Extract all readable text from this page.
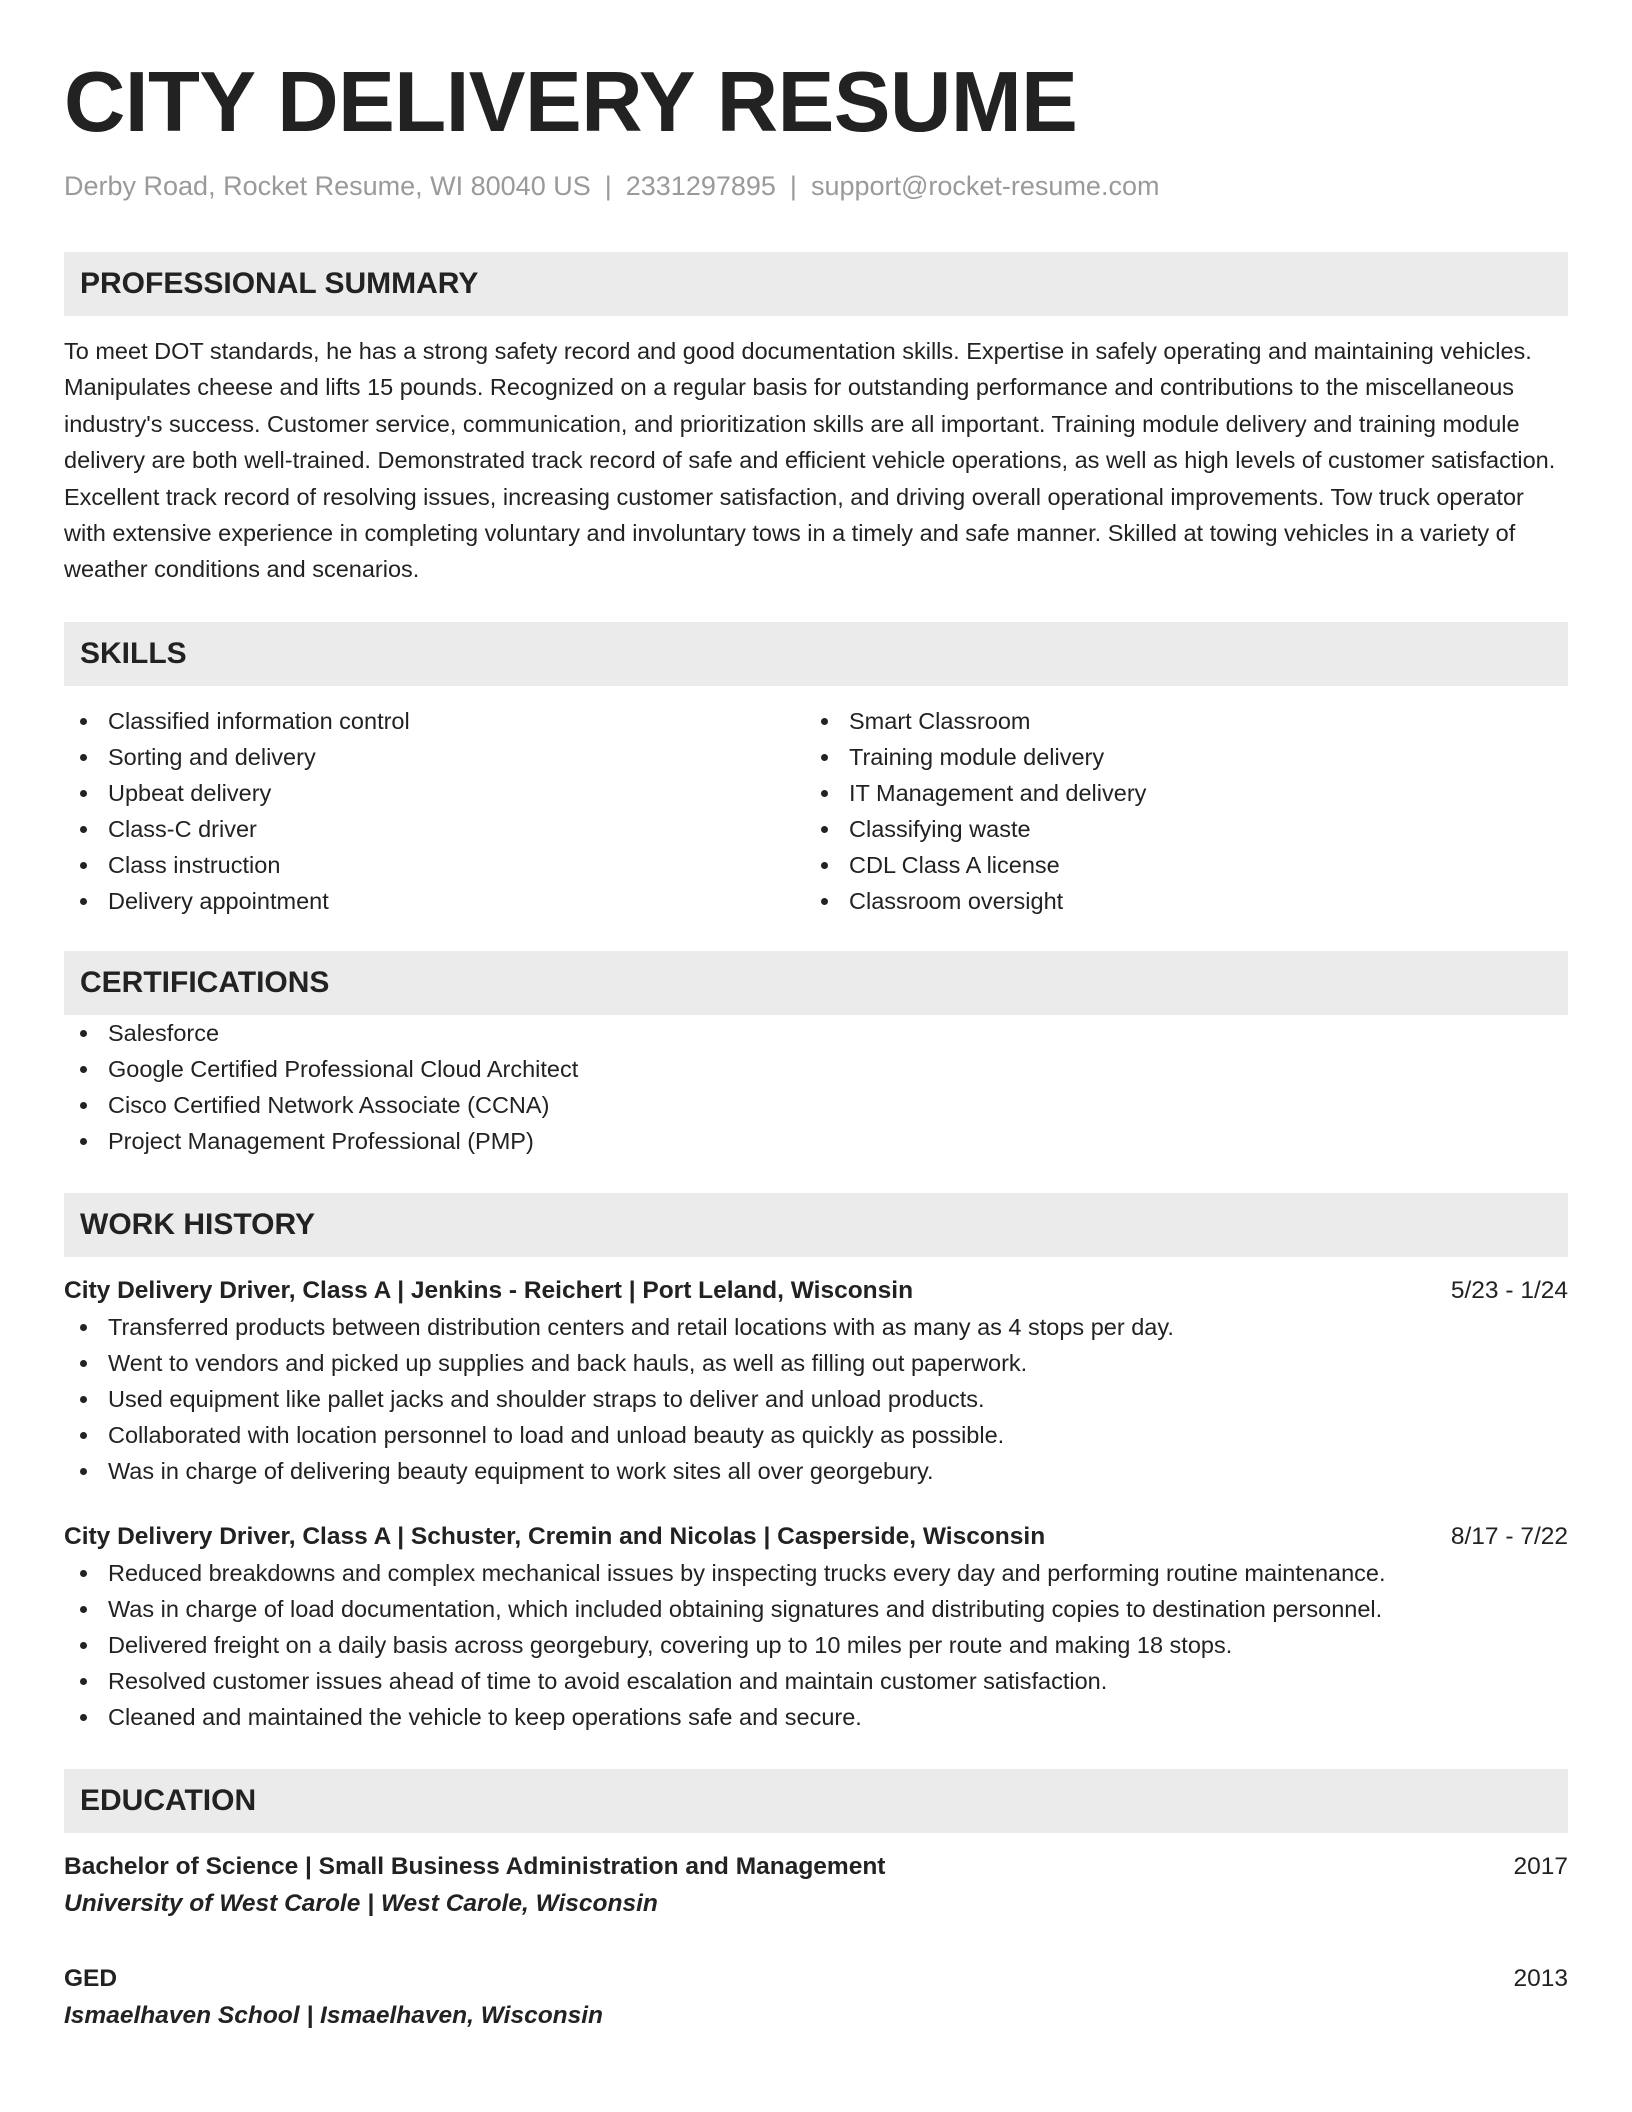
CITY DELIVERY RESUME
Derby Road, Rocket Resume, WI 80040 US | 2331297895 | support@rocket-resume.com
PROFESSIONAL SUMMARY
To meet DOT standards, he has a strong safety record and good documentation skills. Expertise in safely operating and maintaining vehicles. Manipulates cheese and lifts 15 pounds. Recognized on a regular basis for outstanding performance and contributions to the miscellaneous industry's success. Customer service, communication, and prioritization skills are all important. Training module delivery and training module delivery are both well-trained. Demonstrated track record of safe and efficient vehicle operations, as well as high levels of customer satisfaction. Excellent track record of resolving issues, increasing customer satisfaction, and driving overall operational improvements. Tow truck operator with extensive experience in completing voluntary and involuntary tows in a timely and safe manner. Skilled at towing vehicles in a variety of weather conditions and scenarios.
SKILLS
Classified information control
Sorting and delivery
Upbeat delivery
Class-C driver
Class instruction
Delivery appointment
Smart Classroom
Training module delivery
IT Management and delivery
Classifying waste
CDL Class A license
Classroom oversight
CERTIFICATIONS
Salesforce
Google Certified Professional Cloud Architect
Cisco Certified Network Associate (CCNA)
Project Management Professional (PMP)
WORK HISTORY
City Delivery Driver, Class A | Jenkins - Reichert | Port Leland, Wisconsin	5/23 - 1/24
Transferred products between distribution centers and retail locations with as many as 4 stops per day.
Went to vendors and picked up supplies and back hauls, as well as filling out paperwork.
Used equipment like pallet jacks and shoulder straps to deliver and unload products.
Collaborated with location personnel to load and unload beauty as quickly as possible.
Was in charge of delivering beauty equipment to work sites all over georgebury.
City Delivery Driver, Class A | Schuster, Cremin and Nicolas | Casperside, Wisconsin	8/17 - 7/22
Reduced breakdowns and complex mechanical issues by inspecting trucks every day and performing routine maintenance.
Was in charge of load documentation, which included obtaining signatures and distributing copies to destination personnel.
Delivered freight on a daily basis across georgebury, covering up to 10 miles per route and making 18 stops.
Resolved customer issues ahead of time to avoid escalation and maintain customer satisfaction.
Cleaned and maintained the vehicle to keep operations safe and secure.
EDUCATION
Bachelor of Science | Small Business Administration and Management	2017
University of West Carole | West Carole, Wisconsin
GED	2013
Ismaelhaven School | Ismaelhaven, Wisconsin
